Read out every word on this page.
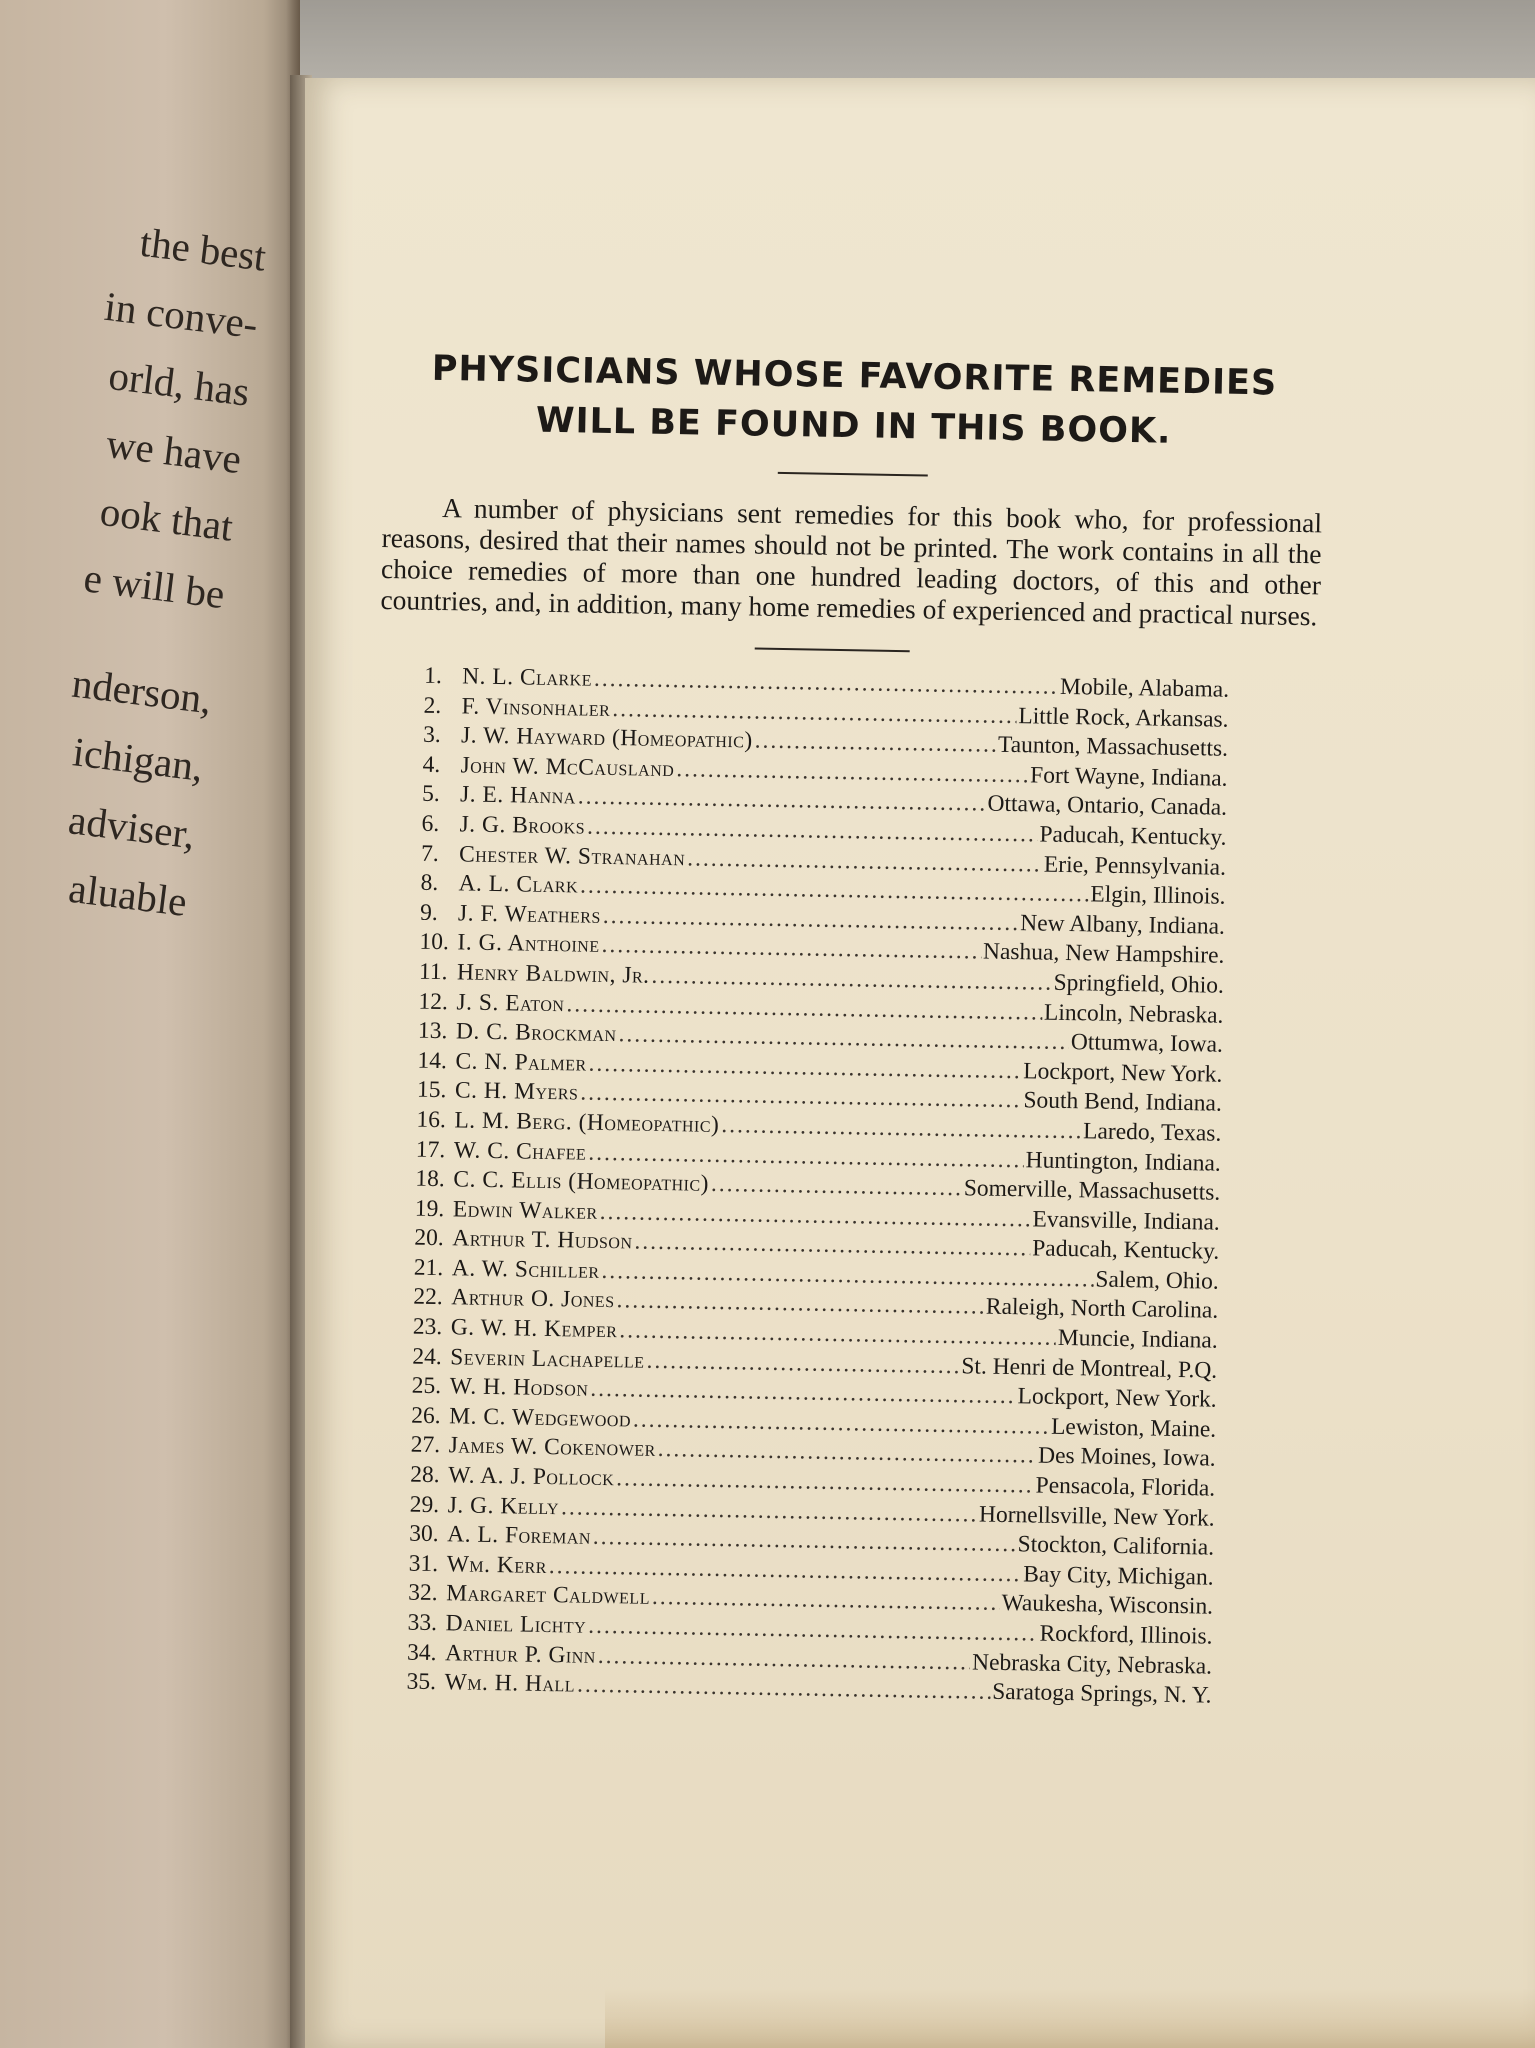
the best
in conve-
orld, has
we have
ook that
e will be
nderson,
ichigan,
adviser,
aluable
PHYSICIANS WHOSE FAVORITE REMEDIES
WILL BE FOUND IN THIS BOOK.

A number of physicians sent remedies for this book who, for professional reasons, desired that their names should not be printed. The work contains in all the choice remedies of more than one hundred leading doctors, of this and other countries, and, in addition, many home remedies of experienced and practical nurses.

1. N. L. Clarke .....	Mobile, Alabama.
2. F. Vinsonhaler .....	Little Rock, Arkansas.
3. J. W. Hayward (Homeopathic) .....	Taunton, Massachusetts.
4. John W. McCausland .....	Fort Wayne, Indiana.
5. J. E. Hanna .....	Ottawa, Ontario, Canada.
6. J. G. Brooks .....	Paducah, Kentucky.
7. Chester W. Stranahan .....	Erie, Pennsylvania.
8. A. L. Clark .....	Elgin, Illinois.
9. J. F. Weathers .....	New Albany, Indiana.
10. I. G. Anthoine .....	Nashua, New Hampshire.
11. Henry Baldwin, Jr. .....	Springfield, Ohio.
12. J. S. Eaton .....	Lincoln, Nebraska.
13. D. C. Brockman .....	Ottumwa, Iowa.
14. C. N. Palmer .....	Lockport, New York.
15. C. H. Myers .....	South Bend, Indiana.
16. L. M. Berg. (Homeopathic) .....	Laredo, Texas.
17. W. C. Chafee .....	Huntington, Indiana.
18. C. C. Ellis (Homeopathic) .....	Somerville, Massachusetts.
19. Edwin Walker .....	Evansville, Indiana.
20. Arthur T. Hudson .....	Paducah, Kentucky.
21. A. W. Schiller .....	Salem, Ohio.
22. Arthur O. Jones .....	Raleigh, North Carolina.
23. G. W. H. Kemper .....	Muncie, Indiana.
24. Severin Lachapelle .....	St. Henri de Montreal, P.Q.
25. W. H. Hodson .....	Lockport, New York.
26. M. C. Wedgewood .....	Lewiston, Maine.
27. James W. Cokenower .....	Des Moines, Iowa.
28. W. A. J. Pollock .....	Pensacola, Florida.
29. J. G. Kelly .....	Hornellsville, New York.
30. A. L. Foreman .....	Stockton, California.
31. Wm. Kerr .....	Bay City, Michigan.
32. Margaret Caldwell .....	Waukesha, Wisconsin.
33. Daniel Lichty .....	Rockford, Illinois.
34. Arthur P. Ginn .....	Nebraska City, Nebraska.
35. Wm. H. Hall .....	Saratoga Springs, N. Y.
